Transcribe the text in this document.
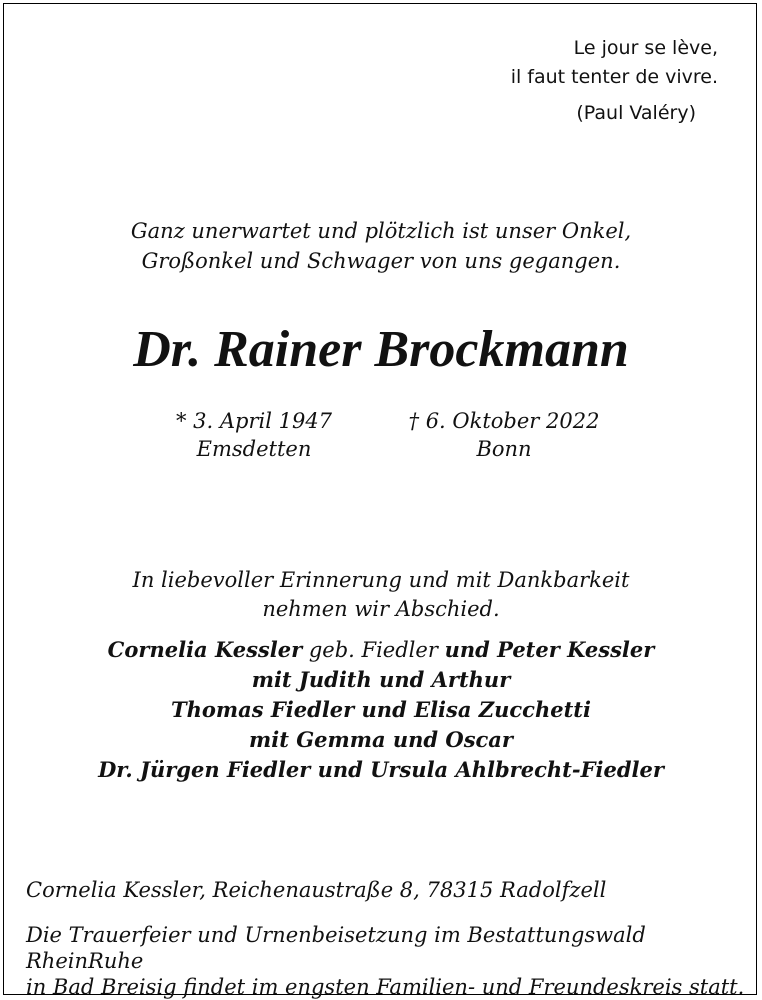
Le jour se lève,
il faut tenter de vivre.
(Paul Valéry)
Ganz unerwartet und plötzlich ist unser Onkel,
Großonkel und Schwager von uns gegangen.
Dr. Rainer Brockmann
* 3. April 1947
Emsdetten
† 6. Oktober 2022
Bonn
In liebevoller Erinnerung und mit Dankbarkeit
nehmen wir Abschied.
Cornelia Kessler geb. Fiedler und Peter Kessler
mit Judith und Arthur
Thomas Fiedler und Elisa Zucchetti
mit Gemma und Oscar
Dr. Jürgen Fiedler und Ursula Ahlbrecht-Fiedler
Cornelia Kessler, Reichenaustraße 8, 78315 Radolfzell
Die Trauerfeier und Urnenbeisetzung im Bestattungswald RheinRuhe
in Bad Breisig findet im engsten Familien- und Freundeskreis statt.
